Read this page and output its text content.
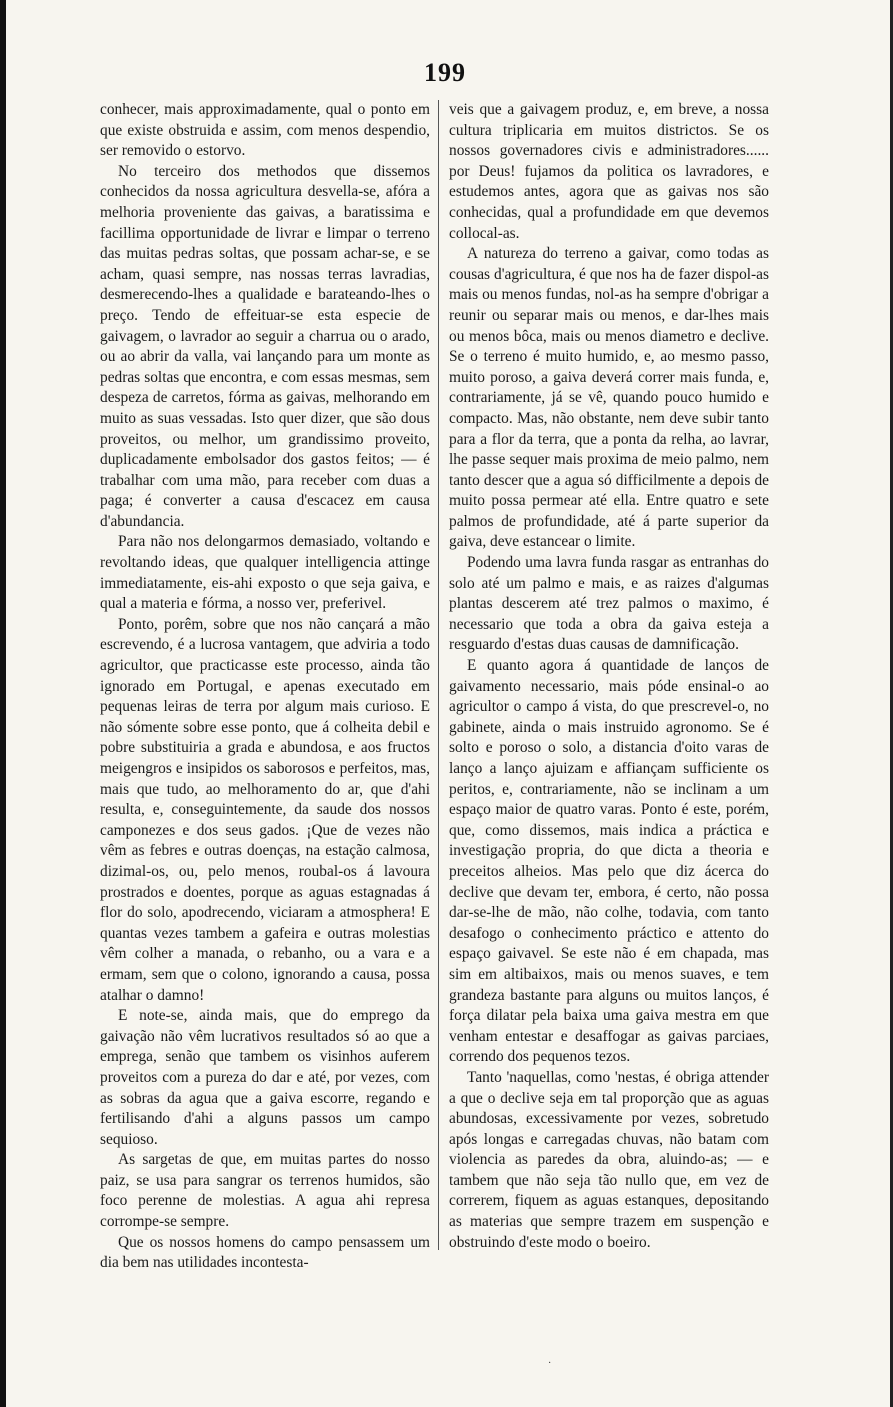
199

conhecer, mais approximadamente, qual o ponto em que existe obstruida e assim, com menos despendio, ser removido o estorvo.

No terceiro dos methodos que dissemos conhecidos da nossa agricultura desvella-se, afóra a melhoria proveniente das gaivas, a baratissima e facillima opportunidade de livrar e limpar o terreno das muitas pedras soltas, que possam achar-se, e se acham, quasi sempre, nas nossas terras lavradias, desmerecendo-lhes a qualidade e barateando-lhes o preço. Tendo de effeituar-se esta especie de gaivagem, o lavrador ao seguir a charrua ou o arado, ou ao abrir da valla, vai lançando para um monte as pedras soltas que encontra, e com essas mesmas, sem despeza de carretos, fórma as gaivas, melhorando em muito as suas vessadas. Isto quer dizer, que são dous proveitos, ou melhor, um grandissimo proveito, duplicadamente embolsador dos gastos feitos; — é trabalhar com uma mão, para receber com duas a paga; é converter a causa d'escacez em causa d'abundancia.

Para não nos delongarmos demasiado, voltando e revoltando ideas, que qualquer intelligencia attinge immediatamente, eis-ahi exposto o que seja gaiva, e qual a materia e fórma, a nosso ver, preferivel.

Ponto, porêm, sobre que nos não cançará a mão escrevendo, é a lucrosa vantagem, que adviria a todo agricultor, que practicasse este processo, ainda tão ignorado em Portugal, e apenas executado em pequenas leiras de terra por algum mais curioso. E não sómente sobre esse ponto, que á colheita debil e pobre substituiria a grada e abundosa, e aos fructos meigengros e insipidos os saborosos e perfeitos, mas, mais que tudo, ao melhoramento do ar, que d'ahi resulta, e, conseguintemente, da saude dos nossos camponezes e dos seus gados. ¡Que de vezes não vêm as febres e outras doenças, na estação calmosa, dizimal-os, ou, pelo menos, roubal-os á lavoura prostrados e doentes, porque as aguas estagnadas á flor do solo, apodrecendo, viciaram a atmosphera! E quantas vezes tambem a gafeira e outras molestias vêm colher a manada, o rebanho, ou a vara e a ermam, sem que o colono, ignorando a causa, possa atalhar o damno!

E note-se, ainda mais, que do emprego da gaivação não vêm lucrativos resultados só ao que a emprega, senão que tambem os visinhos auferem proveitos com a pureza do dar e até, por vezes, com as sobras da agua que a gaiva escorre, regando e fertilisando d'ahi a alguns passos um campo sequioso.

As sargetas de que, em muitas partes do nosso paiz, se usa para sangrar os terrenos humidos, são foco perenne de molestias. A agua ahi represa corrompe-se sempre.

Que os nossos homens do campo pensassem um dia bem nas utilidades incontesta-

veis que a gaivagem produz, e, em breve, a nossa cultura triplicaria em muitos districtos. Se os nossos governadores civis e administradores...... por Deus! fujamos da politica os lavradores, e estudemos antes, agora que as gaivas nos são conhecidas, qual a profundidade em que devemos collocal-as.

A natureza do terreno a gaivar, como todas as cousas d'agricultura, é que nos ha de fazer dispol-as mais ou menos fundas, nol-as ha sempre d'obrigar a reunir ou separar mais ou menos, e dar-lhes mais ou menos bôca, mais ou menos diametro e declive. Se o terreno é muito humido, e, ao mesmo passo, muito poroso, a gaiva deverá correr mais funda, e, contrariamente, já se vê, quando pouco humido e compacto. Mas, não obstante, nem deve subir tanto para a flor da terra, que a ponta da relha, ao lavrar, lhe passe sequer mais proxima de meio palmo, nem tanto descer que a agua só difficilmente a depois de muito possa permear até ella. Entre quatro e sete palmos de profundidade, até á parte superior da gaiva, deve estancear o limite.

Podendo uma lavra funda rasgar as entranhas do solo até um palmo e mais, e as raizes d'algumas plantas descerem até trez palmos o maximo, é necessario que toda a obra da gaiva esteja a resguardo d'estas duas causas de damnificação.

E quanto agora á quantidade de lanços de gaivamento necessario, mais póde ensinal-o ao agricultor o campo á vista, do que prescrevel-o, no gabinete, ainda o mais instruido agronomo. Se é solto e poroso o solo, a distancia d'oito varas de lanço a lanço ajuizam e affiançam sufficiente os peritos, e, contrariamente, não se inclinam a um espaço maior de quatro varas. Ponto é este, porém, que, como dissemos, mais indica a práctica e investigação propria, do que dicta a theoria e preceitos alheios. Mas pelo que diz ácerca do declive que devam ter, embora, é certo, não possa dar-se-lhe de mão, não colhe, todavia, com tanto desafogo o conhecimento práctico e attento do espaço gaivavel. Se este não é em chapada, mas sim em altibaixos, mais ou menos suaves, e tem grandeza bastante para alguns ou muitos lanços, é força dilatar pela baixa uma gaiva mestra em que venham entestar e desaffogar as gaivas parciaes, correndo dos pequenos tezos.

Tanto 'naquellas, como 'nestas, é obriga attender a que o declive seja em tal proporção que as aguas abundosas, excessivamente por vezes, sobretudo após longas e carregadas chuvas, não batam com violencia as paredes da obra, aluindo-as; — e tambem que não seja tão nullo que, em vez de correrem, fiquem as aguas estanques, depositando as materias que sempre trazem em suspenção e obstruindo d'este modo o boeiro.

·
